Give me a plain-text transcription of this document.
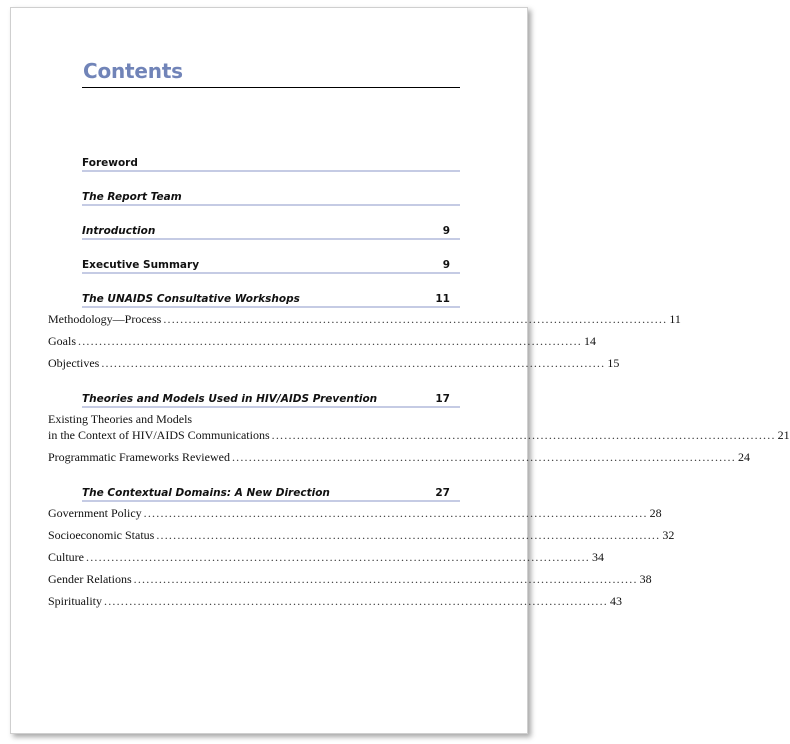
Contents
Foreword
The Report Team
Introduction	9
Executive Summary	9
The UNAIDS Consultative Workshops	11
Methodology—Process ........................................................................................................................ 11
Goals ........................................................................................................................ 14
Objectives ........................................................................................................................ 15
Theories and Models Used in HIV/AIDS Prevention	17
Existing Theories and Models
in the Context of HIV/AIDS Communications ........................................................................................................................ 21
Programmatic Frameworks Reviewed ........................................................................................................................ 24
The Contextual Domains: A New Direction	27
Government Policy ........................................................................................................................ 28
Socioeconomic Status ........................................................................................................................ 32
Culture ........................................................................................................................ 34
Gender Relations ........................................................................................................................ 38
Spirituality ........................................................................................................................ 43
